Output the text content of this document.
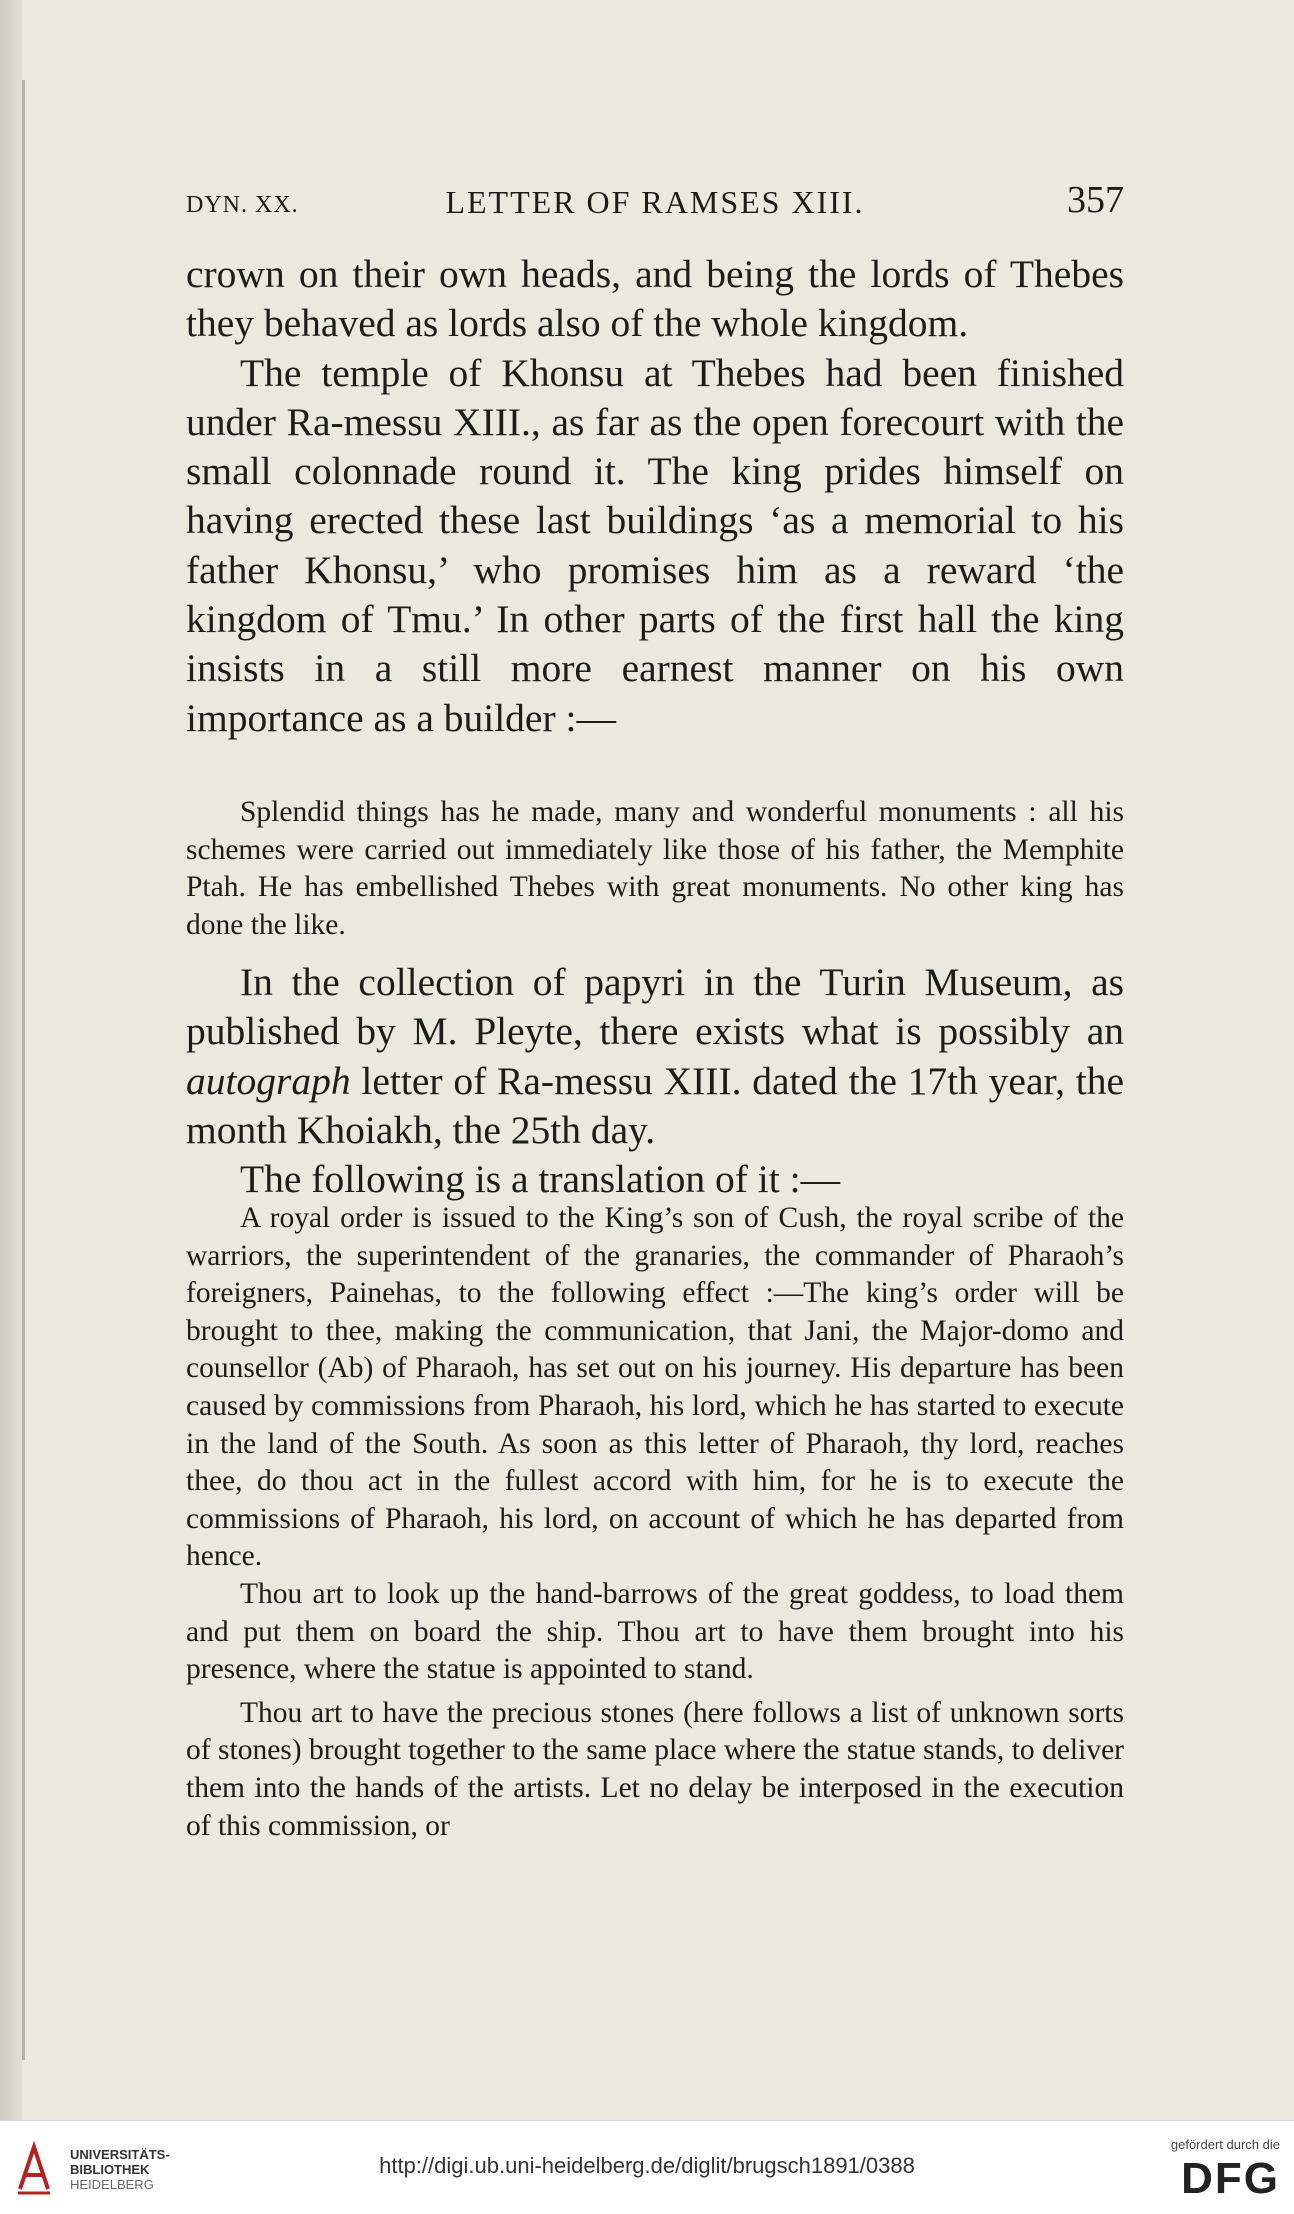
DYN. XX.	LETTER OF RAMSES XIII.	357

crown on their own heads, and being the lords of Thebes they behaved as lords also of the whole kingdom.

The temple of Khonsu at Thebes had been finished under Ra-messu XIII., as far as the open forecourt with the small colonnade round it. The king prides himself on having erected these last buildings ‘as a memorial to his father Khonsu,’ who promises him as a reward ‘the kingdom of Tmu.’ In other parts of the first hall the king insists in a still more earnest manner on his own importance as a builder :—

Splendid things has he made, many and wonderful monuments : all his schemes were carried out immediately like those of his father, the Memphite Ptah. He has embellished Thebes with great monuments. No other king has done the like.

In the collection of papyri in the Turin Museum, as published by M. Pleyte, there exists what is possibly an autograph letter of Ra-messu XIII. dated the 17th year, the month Khoiakh, the 25th day.

The following is a translation of it :—

A royal order is issued to the King’s son of Cush, the royal scribe of the warriors, the superintendent of the granaries, the commander of Pharaoh’s foreigners, Painehas, to the following effect :—The king’s order will be brought to thee, making the communication, that Jani, the Major-domo and counsellor (Ab) of Pharaoh, has set out on his journey. His departure has been caused by commissions from Pharaoh, his lord, which he has started to execute in the land of the South. As soon as this letter of Pharaoh, thy lord, reaches thee, do thou act in the fullest accord with him, for he is to execute the commissions of Pharaoh, his lord, on account of which he has departed from hence.

Thou art to look up the hand-barrows of the great goddess, to load them and put them on board the ship. Thou art to have them brought into his presence, where the statue is appointed to stand.

Thou art to have the precious stones (here follows a list of unknown sorts of stones) brought together to the same place where the statue stands, to deliver them into the hands of the artists. Let no delay be interposed in the execution of this commission, or

UNIVERSITÄTS-
BIBLIOTHEK
HEIDELBERG
http://digi.ub.uni-heidelberg.de/diglit/brugsch1891/0388
gefördert durch die
DFG
